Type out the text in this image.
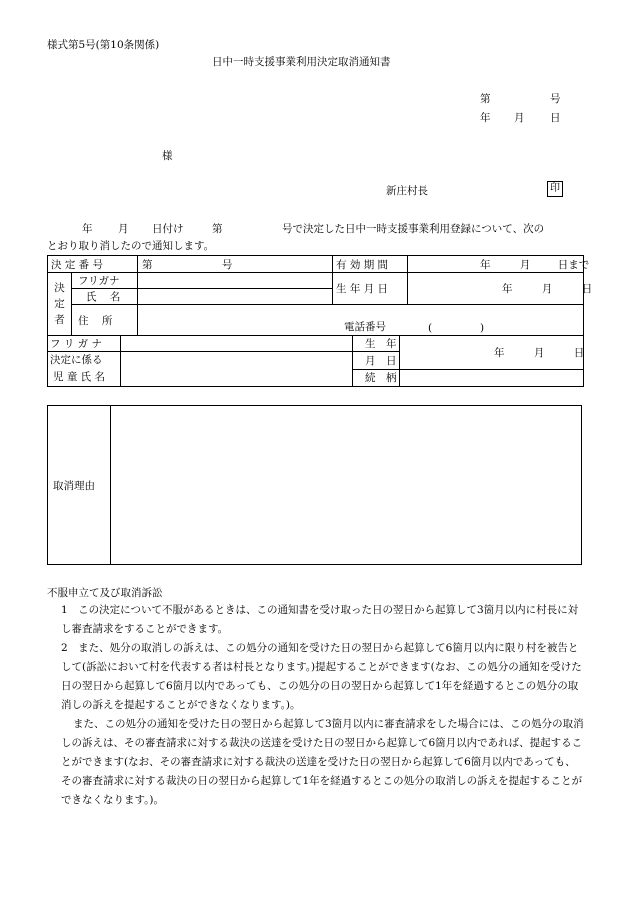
様式第5号(第10条関係)
日中一時支援事業利用決定取消通知書
第	号
年 月 日
様
新庄村長	印
年 月 日付け	第	号で決定した日中一時支援事業利用登録について、次の
とおり取り消したので通知します。
決 定 番 号		第 号	有 効 期 間	年 月 日まで
決
定
者	フリガナ		生 年 月 日	年 月 日
	氏    名			
	住    所	電話番号 ( )		
フ リ ガ ナ		生　年	年 月 日
決定に係る
児 童 氏 名		月　日	
		続　柄	
取消理由
不服申立て及び取消訴訟
1　この決定について不服があるときは、この通知書を受け取った日の翌日から起算して3箇月以内に村長に対し審査請求をすることができます。
2　また、処分の取消しの訴えは、この処分の通知を受けた日の翌日から起算して6箇月以内に限り村を被告として(訴訟において村を代表する者は村長となります。)提起することができます(なお、この処分の通知を受けた日の翌日から起算して6箇月以内であっても、この処分の日の翌日から起算して1年を経過するとこの処分の取消しの訴えを提起することができなくなります。)。
また、この処分の通知を受けた日の翌日から起算して3箇月以内に審査請求をした場合には、この処分の取消しの訴えは、その審査請求に対する裁決の送達を受けた日の翌日から起算して6箇月以内であれば、提起することができます(なお、その審査請求に対する裁決の送達を受けた日の翌日から起算して6箇月以内であっても、その審査請求に対する裁決の日の翌日から起算して1年を経過するとこの処分の取消しの訴えを提起することができなくなります。)。
